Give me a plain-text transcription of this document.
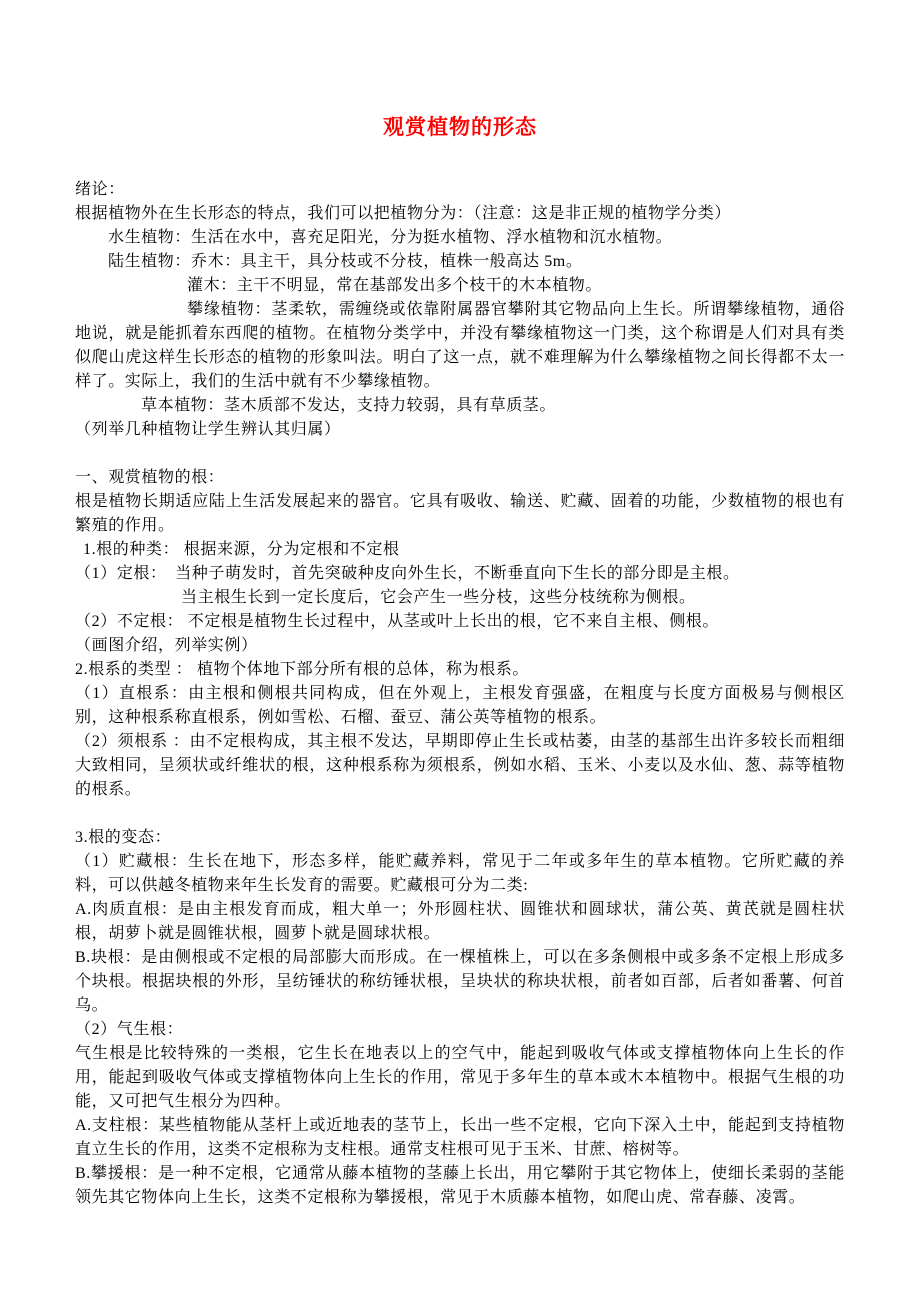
观赏植物的形态

绪论：

根据植物外在生长形态的特点，我们可以把植物分为：（注意：这是非正规的植物学分类）

水生植物：生活在水中，喜充足阳光，分为挺水植物、浮水植物和沉水植物。

陆生植物：乔木：具主干，具分枝或不分枝，植株一般高达 5m。

灌木：主干不明显，常在基部发出多个枝干的木本植物。

攀缘植物：茎柔软，需缠绕或依靠附属器官攀附其它物品向上生长。所谓攀缘植物，通俗地说，就是能抓着东西爬的植物。在植物分类学中，并没有攀缘植物这一门类，这个称谓是人们对具有类似爬山虎这样生长形态的植物的形象叫法。明白了这一点，就不难理解为什么攀缘植物之间长得都不太一样了。实际上，我们的生活中就有不少攀缘植物。

草本植物：茎木质部不发达，支持力较弱，具有草质茎。

（列举几种植物让学生辨认其归属）

一、观赏植物的根：

根是植物长期适应陆上生活发展起来的器官。它具有吸收、输送、贮藏、固着的功能，少数植物的根也有繁殖的作用。

1.根的种类： 根据来源，分为定根和不定根

（1）定根：　当种子萌发时，首先突破种皮向外生长，不断垂直向下生长的部分即是主根。

当主根生长到一定长度后，它会产生一些分枝，这些分枝统称为侧根。

（2）不定根： 不定根是植物生长过程中，从茎或叶上长出的根，它不来自主根、侧根。

（画图介绍，列举实例）

2.根系的类型 ： 植物个体地下部分所有根的总体，称为根系。

（1）直根系：由主根和侧根共同构成，但在外观上，主根发育强盛，在粗度与长度方面极易与侧根区别，这种根系称直根系，例如雪松、石榴、蚕豆、蒲公英等植物的根系。

（2）须根系 ：由不定根构成，其主根不发达，早期即停止生长或枯萎，由茎的基部生出许多较长而粗细大致相同，呈须状或纤维状的根，这种根系称为须根系，例如水稻、玉米、小麦以及水仙、葱、蒜等植物的根系。

3.根的变态：

（1）贮藏根：生长在地下，形态多样，能贮藏养料，常见于二年或多年生的草本植物。它所贮藏的养料，可以供越冬植物来年生长发育的需要。贮藏根可分为二类:

A.肉质直根：是由主根发育而成，粗大单一；外形圆柱状、圆锥状和圆球状，蒲公英、黄芪就是圆柱状根，胡萝卜就是圆锥状根，圆萝卜就是圆球状根。

B.块根：是由侧根或不定根的局部膨大而形成。在一棵植株上，可以在多条侧根中或多条不定根上形成多个块根。根据块根的外形，呈纺锤状的称纺锤状根，呈块状的称块状根，前者如百部，后者如番薯、何首乌。

（2）气生根：

气生根是比较特殊的一类根，它生长在地表以上的空气中，能起到吸收气体或支撑植物体向上生长的作用，能起到吸收气体或支撑植物体向上生长的作用，常见于多年生的草本或木本植物中。根据气生根的功能，又可把气生根分为四种。

A.支柱根：某些植物能从茎杆上或近地表的茎节上，长出一些不定根，它向下深入土中，能起到支持植物直立生长的作用，这类不定根称为支柱根。通常支柱根可见于玉米、甘蔗、榕树等。

B.攀援根：是一种不定根，它通常从藤本植物的茎藤上长出，用它攀附于其它物体上，使细长柔弱的茎能领先其它物体向上生长，这类不定根称为攀援根，常见于木质藤本植物，如爬山虎、常春藤、凌霄。
